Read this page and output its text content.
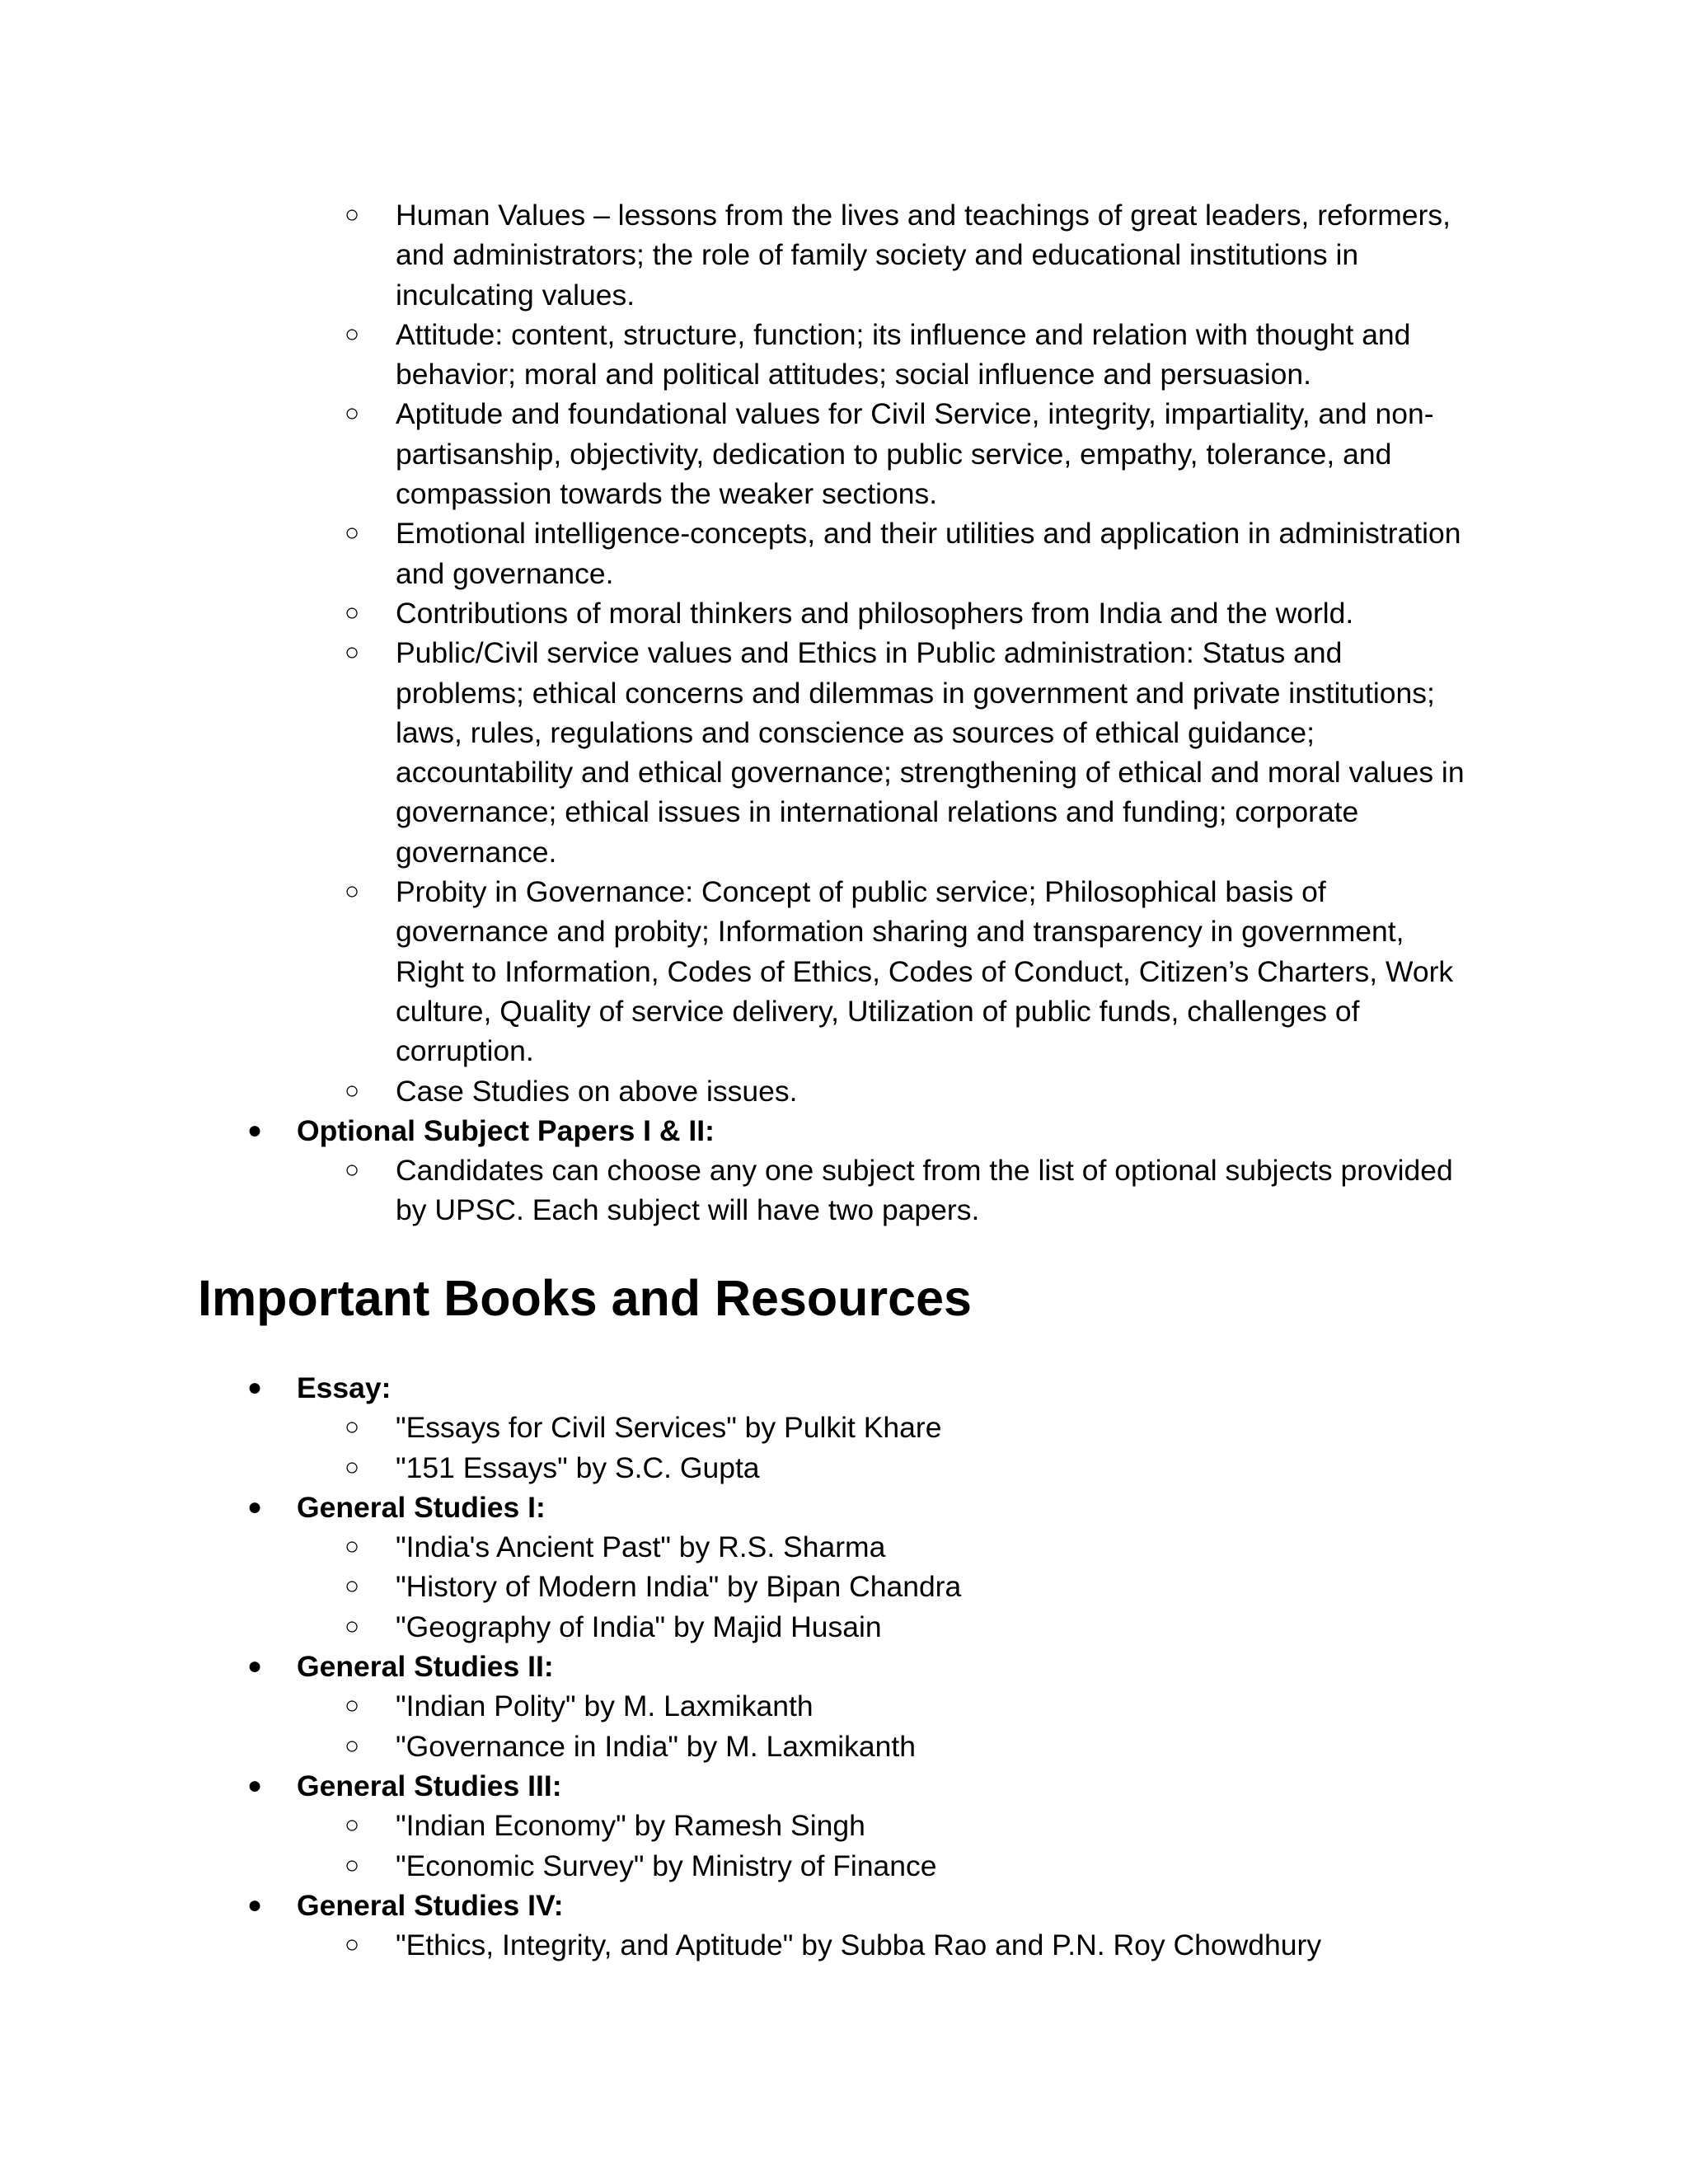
○ Human Values – lessons from the lives and teachings of great leaders, reformers, and administrators; the role of family society and educational institutions in inculcating values.
○ Attitude: content, structure, function; its influence and relation with thought and behavior; moral and political attitudes; social influence and persuasion.
○ Aptitude and foundational values for Civil Service, integrity, impartiality, and non-partisanship, objectivity, dedication to public service, empathy, tolerance, and compassion towards the weaker sections.
○ Emotional intelligence-concepts, and their utilities and application in administration and governance.
○ Contributions of moral thinkers and philosophers from India and the world.
○ Public/Civil service values and Ethics in Public administration: Status and problems; ethical concerns and dilemmas in government and private institutions; laws, rules, regulations and conscience as sources of ethical guidance; accountability and ethical governance; strengthening of ethical and moral values in governance; ethical issues in international relations and funding; corporate governance.
○ Probity in Governance: Concept of public service; Philosophical basis of governance and probity; Information sharing and transparency in government, Right to Information, Codes of Ethics, Codes of Conduct, Citizen’s Charters, Work culture, Quality of service delivery, Utilization of public funds, challenges of corruption.
○ Case Studies on above issues.
● Optional Subject Papers I & II:
○ Candidates can choose any one subject from the list of optional subjects provided by UPSC. Each subject will have two papers.
Important Books and Resources
● Essay:
○ "Essays for Civil Services" by Pulkit Khare
○ "151 Essays" by S.C. Gupta
● General Studies I:
○ "India's Ancient Past" by R.S. Sharma
○ "History of Modern India" by Bipan Chandra
○ "Geography of India" by Majid Husain
● General Studies II:
○ "Indian Polity" by M. Laxmikanth
○ "Governance in India" by M. Laxmikanth
● General Studies III:
○ "Indian Economy" by Ramesh Singh
○ "Economic Survey" by Ministry of Finance
● General Studies IV:
○ "Ethics, Integrity, and Aptitude" by Subba Rao and P.N. Roy Chowdhury
